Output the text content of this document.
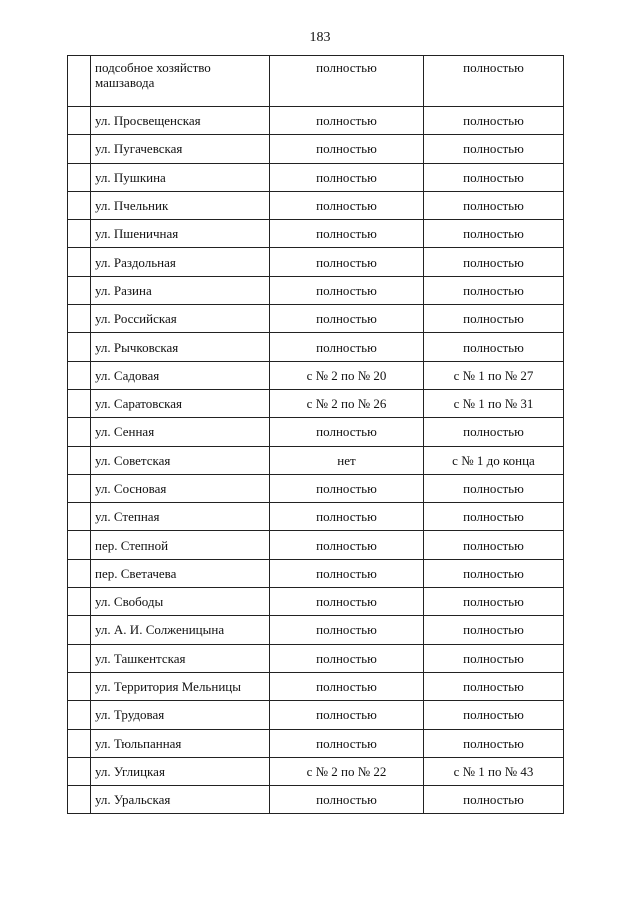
183
	подсобное хозяйство машзавода	полностью	полностью
	ул. Просвещенская	полностью	полностью
	ул. Пугачевская	полностью	полностью
	ул. Пушкина	полностью	полностью
	ул. Пчельник	полностью	полностью
	ул. Пшеничная	полностью	полностью
	ул. Раздольная	полностью	полностью
	ул. Разина	полностью	полностью
	ул. Российская	полностью	полностью
	ул. Рычковская	полностью	полностью
	ул. Садовая	с № 2 по № 20	с № 1 по № 27
	ул. Саратовская	с № 2 по № 26	с № 1 по № 31
	ул. Сенная	полностью	полностью
	ул. Советская	нет	с № 1 до конца
	ул. Сосновая	полностью	полностью
	ул. Степная	полностью	полностью
	пер. Степной	полностью	полностью
	пер. Светачева	полностью	полностью
	ул. Свободы	полностью	полностью
	ул. А. И. Солженицына	полностью	полностью
	ул. Ташкентская	полностью	полностью
	ул. Территория Мельницы	полностью	полностью
	ул. Трудовая	полностью	полностью
	ул. Тюльпанная	полностью	полностью
	ул. Углицкая	с № 2 по № 22	с № 1 по № 43
	ул. Уральская	полностью	полностью
